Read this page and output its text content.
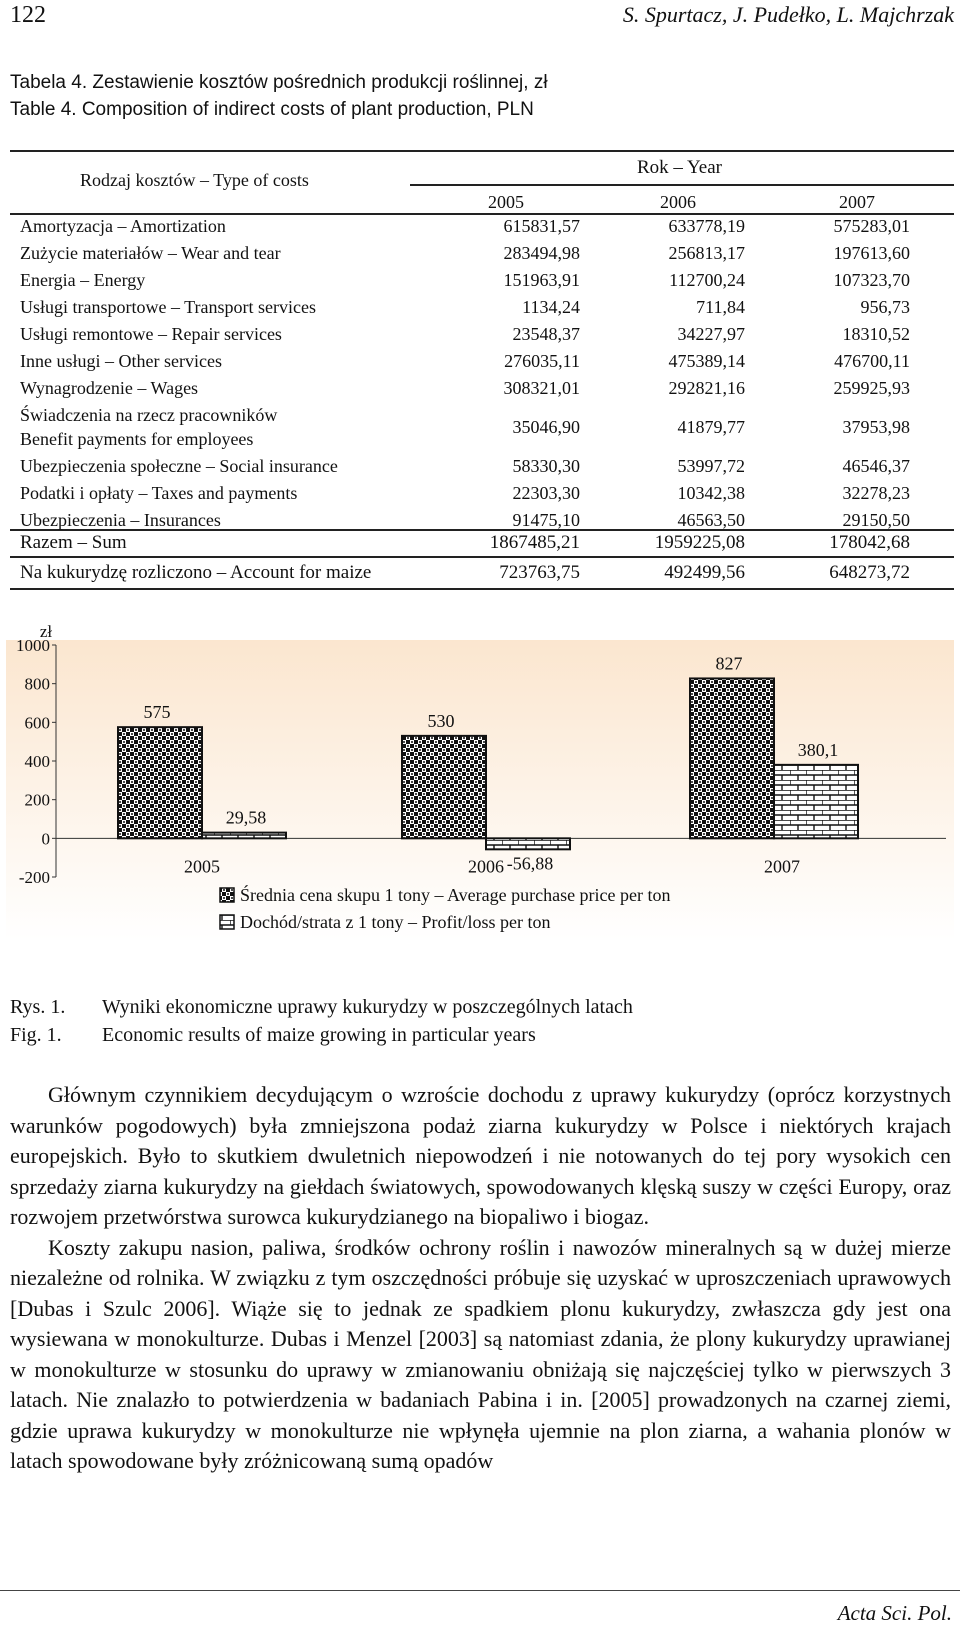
122	S. Spurtacz, J. Pudełko, L. Majchrzak
Tabela 4. Zestawienie kosztów pośrednich produkcji roślinnej, zł
Table 4. Composition of indirect costs of plant production, PLN
Rodzaj kosztów – Type of costs
Rok – Year
2005	2006	2007
Amortyzacja – Amortization	615831,57	633778,19	575283,01
Zużycie materiałów – Wear and tear	283494,98	256813,17	197613,60
Energia – Energy	151963,91	112700,24	107323,70
Usługi transportowe – Transport services	1134,24	711,84	956,73
Usługi remontowe – Repair services	23548,37	34227,97	18310,52
Inne usługi – Other services	276035,11	475389,14	476700,11
Wynagrodzenie – Wages	308321,01	292821,16	259925,93
Świadczenia na rzecz pracowników
Benefit payments for employees
35046,90	41879,77	37953,98
Ubezpieczenia społeczne – Social insurance	58330,30	53997,72	46546,37
Podatki i opłaty – Taxes and payments	22303,30	10342,38	32278,23
Ubezpieczenia – Insurances	91475,10	46563,50	29150,50
Razem – Sum	1867485,21	1959225,08	178042,68
Na kukurydzę rozliczono – Account for maize	723763,75	492499,56	648273,72
1000
800
600
400
200
0
-200
zł
575
29,58
2005
530
-56,88
2006
827
380,1
2007
Średnia cena skupu 1 tony – Average purchase price per ton
Dochód/strata z 1 tony – Profit/loss per ton
Rys. 1. Wyniki ekonomiczne uprawy kukurydzy w poszczególnych latach
Fig. 1. Economic results of maize growing in particular years

Głównym czynnikiem decydującym o wzroście dochodu z uprawy kukurydzy (oprócz korzystnych warunków pogodowych) była zmniejszona podaż ziarna kukurydzy w Polsce i niektórych krajach europejskich. Było to skutkiem dwuletnich niepowodzeń i nie notowanych do tej pory wysokich cen sprzedaży ziarna kukurydzy na giełdach światowych, spowodowanych klęską suszy w części Europy, oraz rozwojem przetwórstwa surowca kukurydzianego na biopaliwo i biogaz.

Koszty zakupu nasion, paliwa, środków ochrony roślin i nawozów mineralnych są w dużej mierze niezależne od rolnika. W związku z tym oszczędności próbuje się uzyskać w uproszczeniach uprawowych [Dubas i Szulc 2006]. Wiąże się to jednak ze spadkiem plonu kukurydzy, zwłaszcza gdy jest ona wysiewana w monokulturze. Dubas i Menzel [2003] są natomiast zdania, że plony kukurydzy uprawianej w monokulturze w stosunku do uprawy w zmianowaniu obniżają się najczęściej tylko w pierwszych 3 latach. Nie znalazło to potwierdzenia w badaniach Pabina i in. [2005] prowadzonych na czarnej ziemi, gdzie uprawa kukurydzy w monokulturze nie wpłynęła ujemnie na plon ziarna, a wahania plonów w latach spowodowane były zróżnicowaną sumą opadów

Acta Sci. Pol.
